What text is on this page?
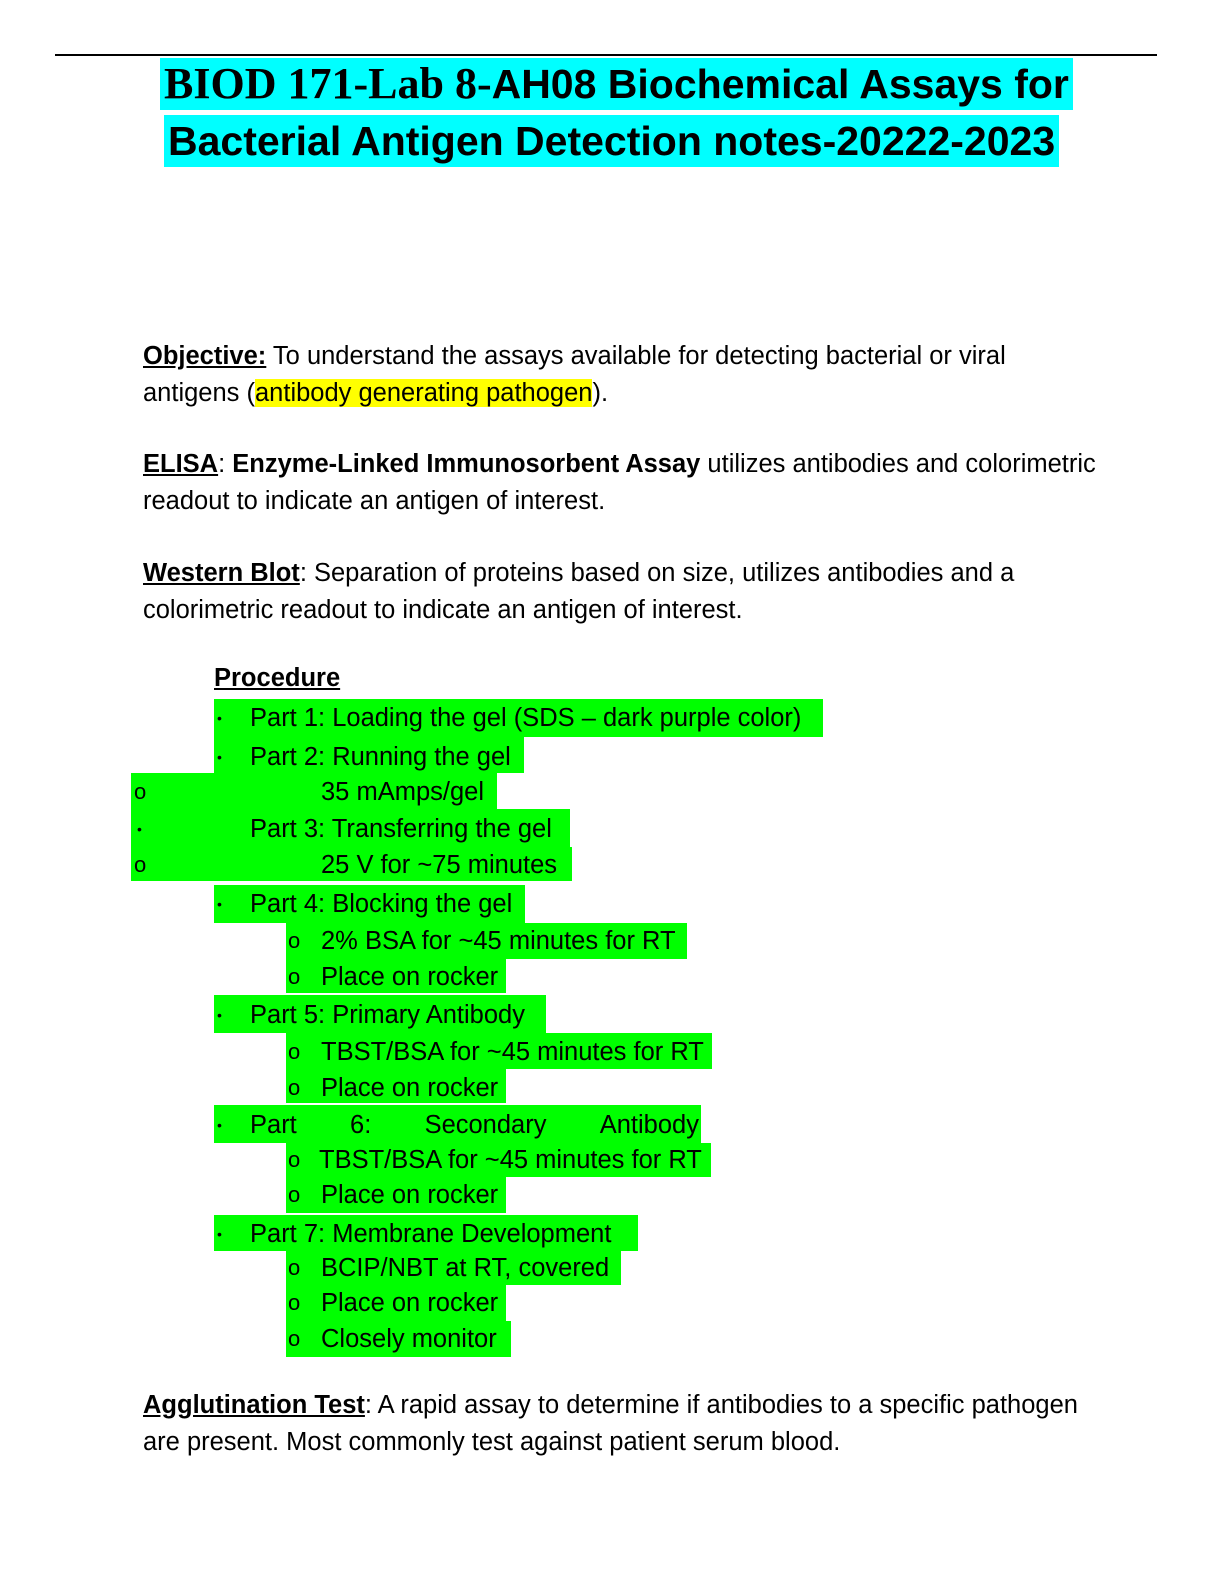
BIOD 171-Lab 8-AH08 Biochemical Assays for
Bacterial Antigen Detection notes-20222-2023
Objective: To understand the assays available for detecting bacterial or viral antigens (antibody generating pathogen).
ELISA: Enzyme-Linked Immunosorbent Assay utilizes antibodies and colorimetric readout to indicate an antigen of interest.
Western Blot: Separation of proteins based on size, utilizes antibodies and a colorimetric readout to indicate an antigen of interest.
Procedure
• Part 1: Loading the gel (SDS – dark purple color)
• Part 2: Running the gel
o	35 mAmps/gel
•	Part 3: Transferring the gel
o	25 V for ~75 minutes
• Part 4: Blocking the gel
o 2% BSA for ~45 minutes for RT
o Place on rocker
• Part 5: Primary Antibody
o TBST/BSA for ~45 minutes for RT
o Place on rocker
• Part 6: Secondary Antibody
o TBST/BSA for ~45 minutes for RT
o Place on rocker
• Part 7: Membrane Development
o BCIP/NBT at RT, covered
o Place on rocker
o Closely monitor
Agglutination Test: A rapid assay to determine if antibodies to a specific pathogen are present. Most commonly test against patient serum blood.
